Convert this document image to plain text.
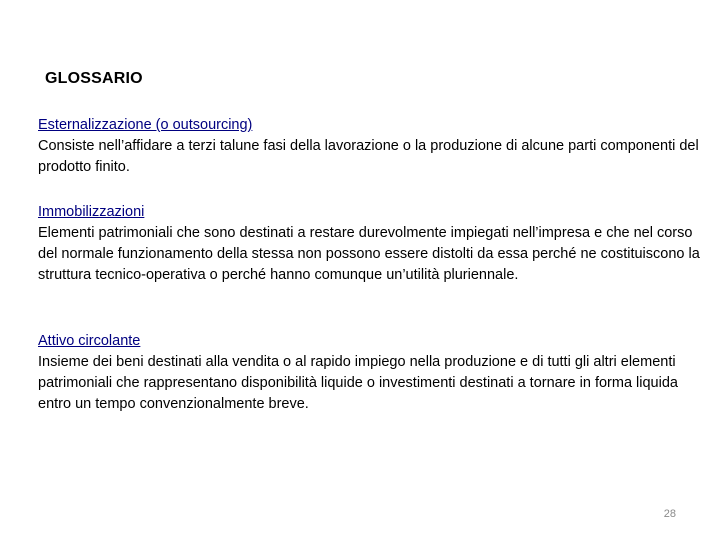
GLOSSARIO
Esternalizzazione (o outsourcing)
Consiste nell’affidare a terzi talune fasi della lavorazione o la produzione di alcune parti componenti del prodotto finito.
Immobilizzazioni
Elementi patrimoniali che sono destinati a restare durevolmente impiegati nell’impresa e che nel corso del normale funzionamento della stessa non possono essere distolti da essa perché ne costituiscono la struttura tecnico-operativa o perché hanno comunque un’utilità pluriennale.
Attivo circolante
Insieme dei beni destinati alla vendita o al rapido impiego nella produzione e di tutti gli altri elementi patrimoniali che rappresentano disponibilità liquide o investimenti destinati a tornare in forma liquida entro un tempo convenzionalmente breve.
28
